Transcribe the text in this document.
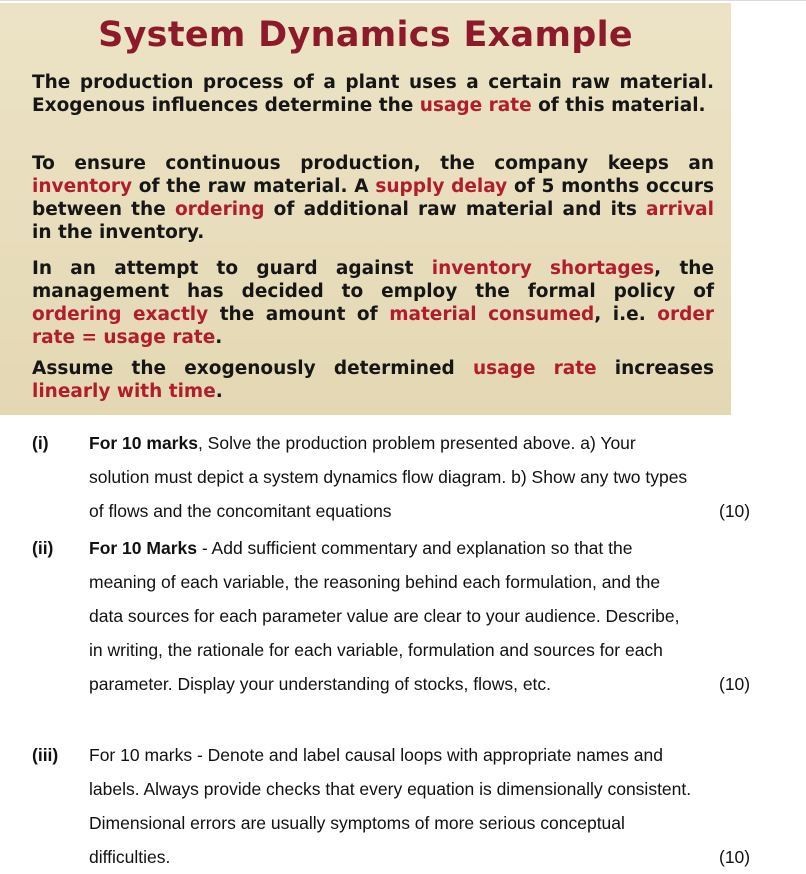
System Dynamics Example
The production process of a plant uses a certain raw material. Exogenous influences determine the usage rate of this material.
To ensure continuous production, the company keeps an inventory of the raw material. A supply delay of 5 months occurs between the ordering of additional raw material and its arrival in the inventory.
In an attempt to guard against inventory shortages, the management has decided to employ the formal policy of ordering exactly the amount of material consumed, i.e. order rate = usage rate.
Assume the exogenously determined usage rate increases linearly with time.
(i) For 10 marks, Solve the production problem presented above. a) Your
solution must depict a system dynamics flow diagram. b) Show any two types
of flows and the concomitant equations	(10)
(ii) For 10 Marks - Add sufficient commentary and explanation so that the
meaning of each variable, the reasoning behind each formulation, and the
data sources for each parameter value are clear to your audience. Describe,
in writing, the rationale for each variable, formulation and sources for each
parameter. Display your understanding of stocks, flows, etc.	(10)
(iii) For 10 marks - Denote and label causal loops with appropriate names and
labels. Always provide checks that every equation is dimensionally consistent.
Dimensional errors are usually symptoms of more serious conceptual
difficulties.	(10)
